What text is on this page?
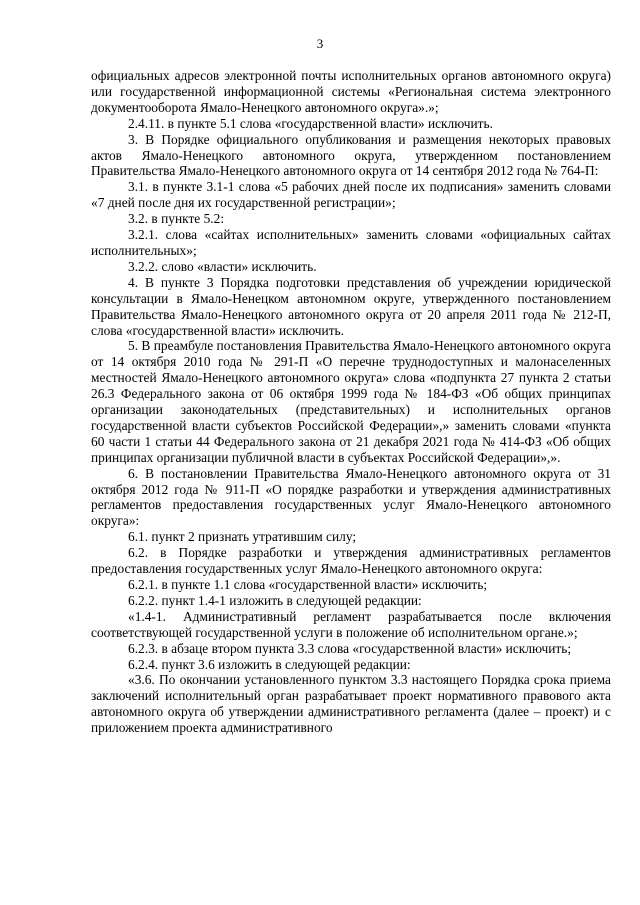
3

официальных адресов электронной почты исполнительных органов автономного округа) или государственной информационной системы «Региональная система электронного документооборота Ямало-Ненецкого автономного округа».»;

2.4.11. в пункте 5.1 слова «государственной власти» исключить.

3. В Порядке официального опубликования и размещения некоторых правовых актов Ямало-Ненецкого автономного округа, утвержденном постановлением Правительства Ямало-Ненецкого автономного округа от 14 сентября 2012 года № 764-П:

3.1. в пункте 3.1-1 слова «5 рабочих дней после их подписания» заменить словами «7 дней после дня их государственной регистрации»;

3.2. в пункте 5.2:

3.2.1. слова «сайтах исполнительных» заменить словами «официальных сайтах исполнительных»;

3.2.2. слово «власти» исключить.

4. В пункте 3 Порядка подготовки представления об учреждении юридической консультации в Ямало-Ненецком автономном округе, утвержденного постановлением Правительства Ямало-Ненецкого автономного округа от 20 апреля 2011 года № 212-П, слова «государственной власти» исключить.

5. В преамбуле постановления Правительства Ямало-Ненецкого автономного округа от 14 октября 2010 года № 291-П «О перечне труднодоступных и малонаселенных местностей Ямало-Ненецкого автономного округа» слова «подпункта 27 пункта 2 статьи 26.3 Федерального закона от 06 октября 1999 года № 184-ФЗ «Об общих принципах организации законодательных (представительных) и исполнительных органов государственной власти субъектов Российской Федерации»,» заменить словами «пункта 60 части 1 статьи 44 Федерального закона от 21 декабря 2021 года № 414-ФЗ «Об общих принципах организации публичной власти в субъектах Российской Федерации»,».

6. В постановлении Правительства Ямало-Ненецкого автономного округа от 31 октября 2012 года № 911-П «О порядке разработки и утверждения административных регламентов предоставления государственных услуг Ямало-Ненецкого автономного округа»:

6.1. пункт 2 признать утратившим силу;

6.2. в Порядке разработки и утверждения административных регламентов предоставления государственных услуг Ямало-Ненецкого автономного округа:

6.2.1. в пункте 1.1 слова «государственной власти» исключить;

6.2.2. пункт 1.4-1 изложить в следующей редакции:

«1.4-1. Административный регламент разрабатывается после включения соответствующей государственной услуги в положение об исполнительном органе.»;

6.2.3. в абзаце втором пункта 3.3 слова «государственной власти» исключить;

6.2.4. пункт 3.6 изложить в следующей редакции:

«3.6. По окончании установленного пунктом 3.3 настоящего Порядка срока приема заключений исполнительный орган разрабатывает проект нормативного правового акта автономного округа об утверждении административного регламента (далее – проект) и с приложением проекта административного
